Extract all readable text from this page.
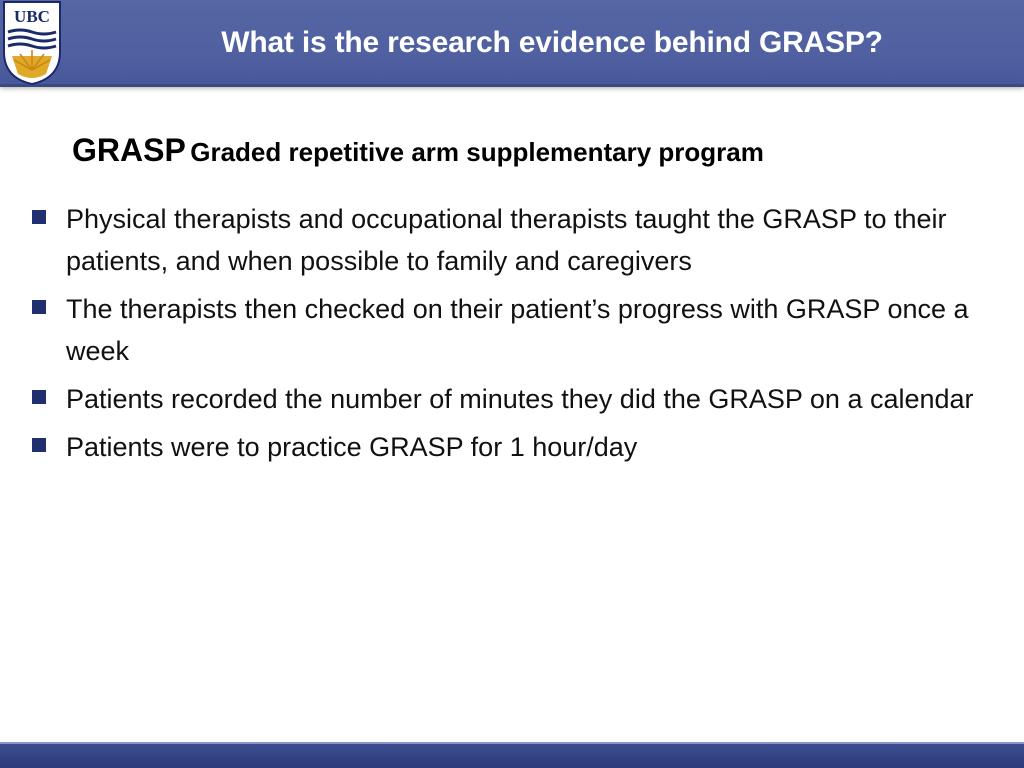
UBC
What is the research evidence behind GRASP?
GRASP Graded repetitive arm supplementary program
Physical therapists and occupational therapists taught the GRASP to their patients, and when possible to family and caregivers
The therapists then checked on their patient’s progress with GRASP once a week
Patients recorded the number of minutes they did the GRASP on a calendar
Patients were to practice GRASP for 1 hour/day
